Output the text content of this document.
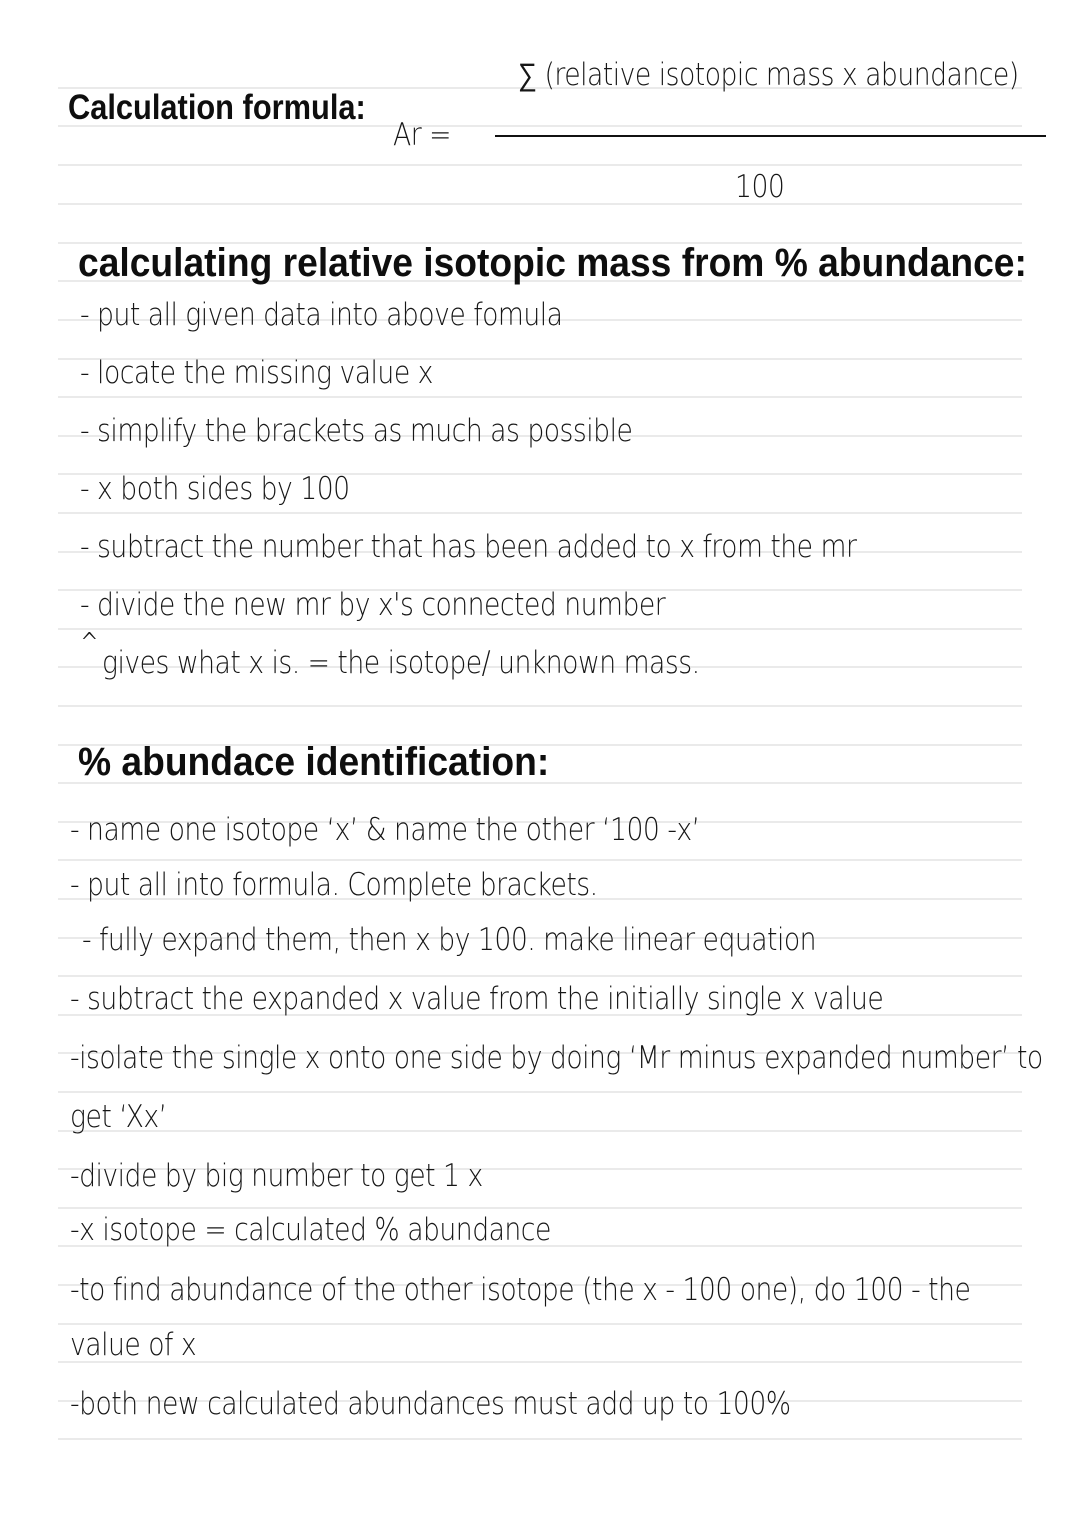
Calculation formula:
∑ (relative isotopic mass x abundance)
Ar =
100
calculating relative isotopic mass from % abundance:
- put all given data into above fomula
- locate the missing value x
- simplify the brackets as much as possible
- x both sides by 100
- subtract the number that has been added to x from the mr
- divide the new mr by x's connected number
^
gives what x is. = the isotope/ unknown mass.
% abundace identification:
- name one isotope ‘x’ & name the other ‘100 -x’
- put all into formula. Complete brackets.
- fully expand them, then x by 100. make linear equation
- subtract the expanded x value from the initially single x value
-isolate the single x onto one side by doing ‘Mr minus expanded number’ to
get ‘Xx’
-divide by big number to get 1 x
-x isotope = calculated % abundance
-to find abundance of the other isotope (the x - 100 one), do 100 - the
value of x
-both new calculated abundances must add up to 100%
